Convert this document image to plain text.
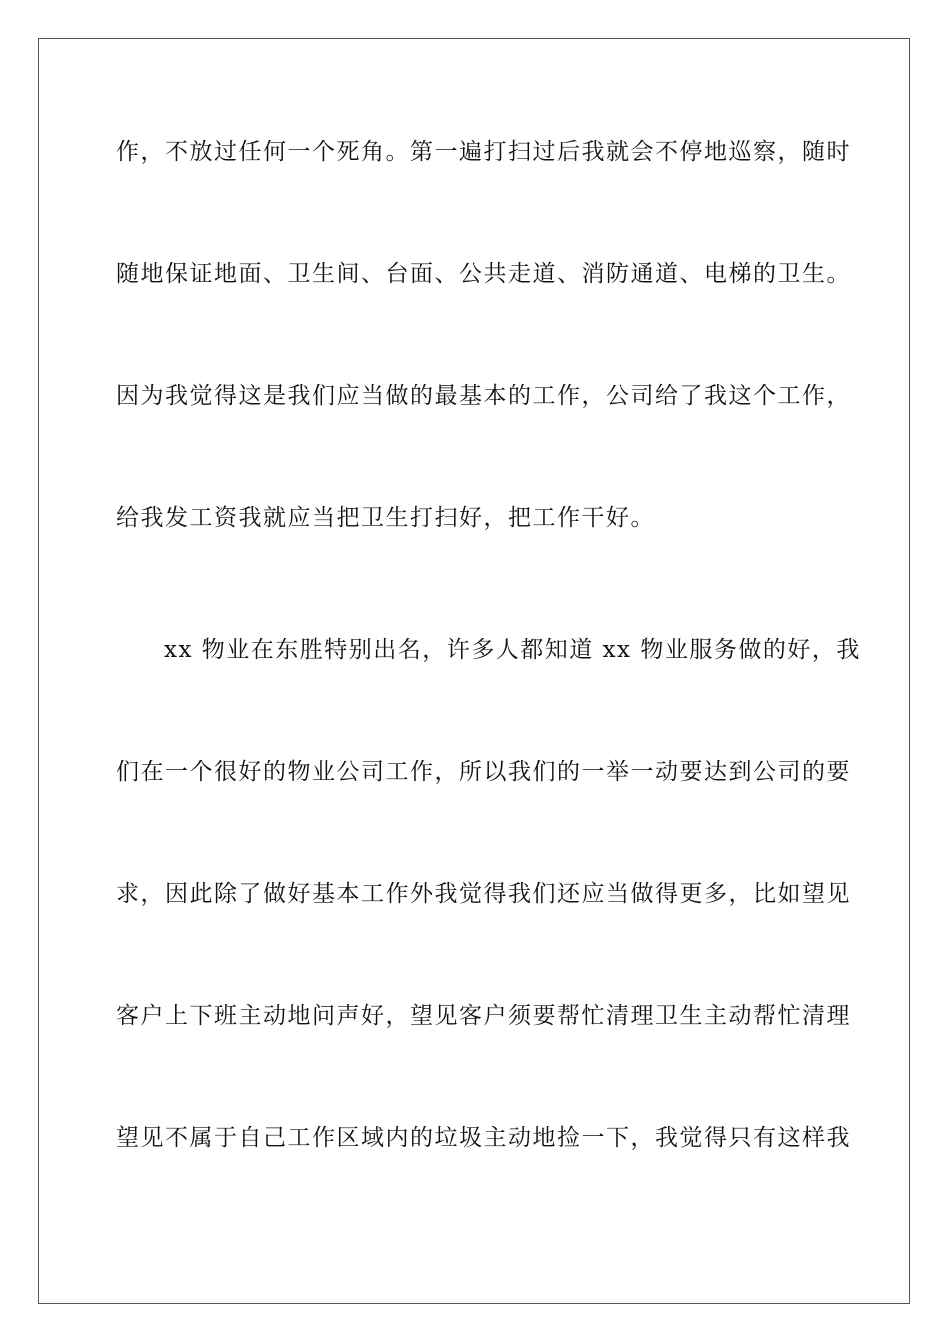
作，不放过任何一个死角。第一遍打扫过后我就会不停地巡察，随时
随地保证地面、卫生间、台面、公共走道、消防通道、电梯的卫生。
因为我觉得这是我们应当做的最基本的工作，公司给了我这个工作，
给我发工资我就应当把卫生打扫好，把工作干好。
xx 物业在东胜特别出名，许多人都知道 xx 物业服务做的好，我
们在一个很好的物业公司工作，所以我们的一举一动要达到公司的要
求，因此除了做好基本工作外我觉得我们还应当做得更多，比如望见
客户上下班主动地问声好，望见客户须要帮忙清理卫生主动帮忙清理
望见不属于自己工作区域内的垃圾主动地捡一下，我觉得只有这样我
